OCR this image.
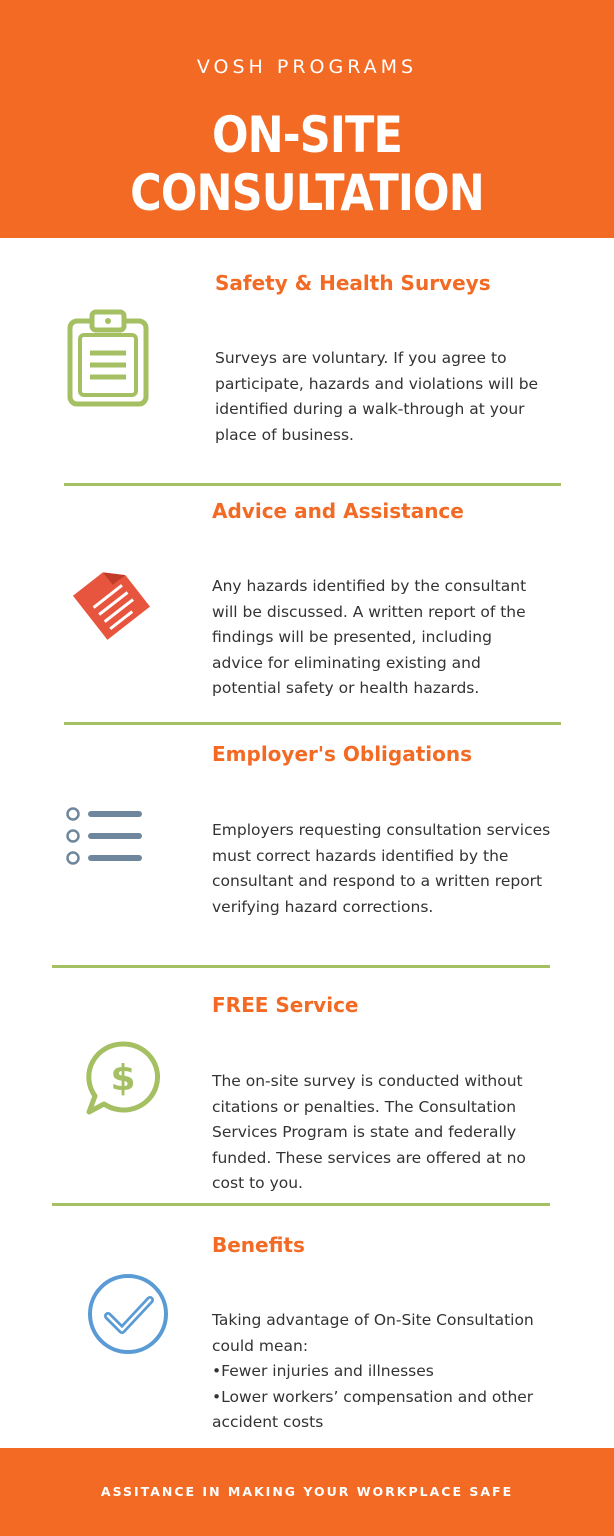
VOSH PROGRAMS
ON-SITE CONSULTATION
Safety & Health Surveys
Surveys are voluntary. If you agree to
participate, hazards and violations will be
identified during a walk-through at your
place of business.
Advice and Assistance
Any hazards identified by the consultant
will be discussed. A written report of the
findings will be presented, including
advice for eliminating existing and
potential safety or health hazards.
Employer's Obligations
Employers requesting consultation services
must correct hazards identified by the
consultant and respond to a written report
verifying hazard corrections.
FREE Service
$	The on-site survey is conducted without
citations or penalties. The Consultation
Services Program is state and federally
funded. These services are offered at no
cost to you.
Benefits
Taking advantage of On-Site Consultation
could mean:
•Fewer injuries and illnesses
•Lower workers’ compensation and other
accident costs
ASSITANCE IN MAKING YOUR WORKPLACE SAFE
